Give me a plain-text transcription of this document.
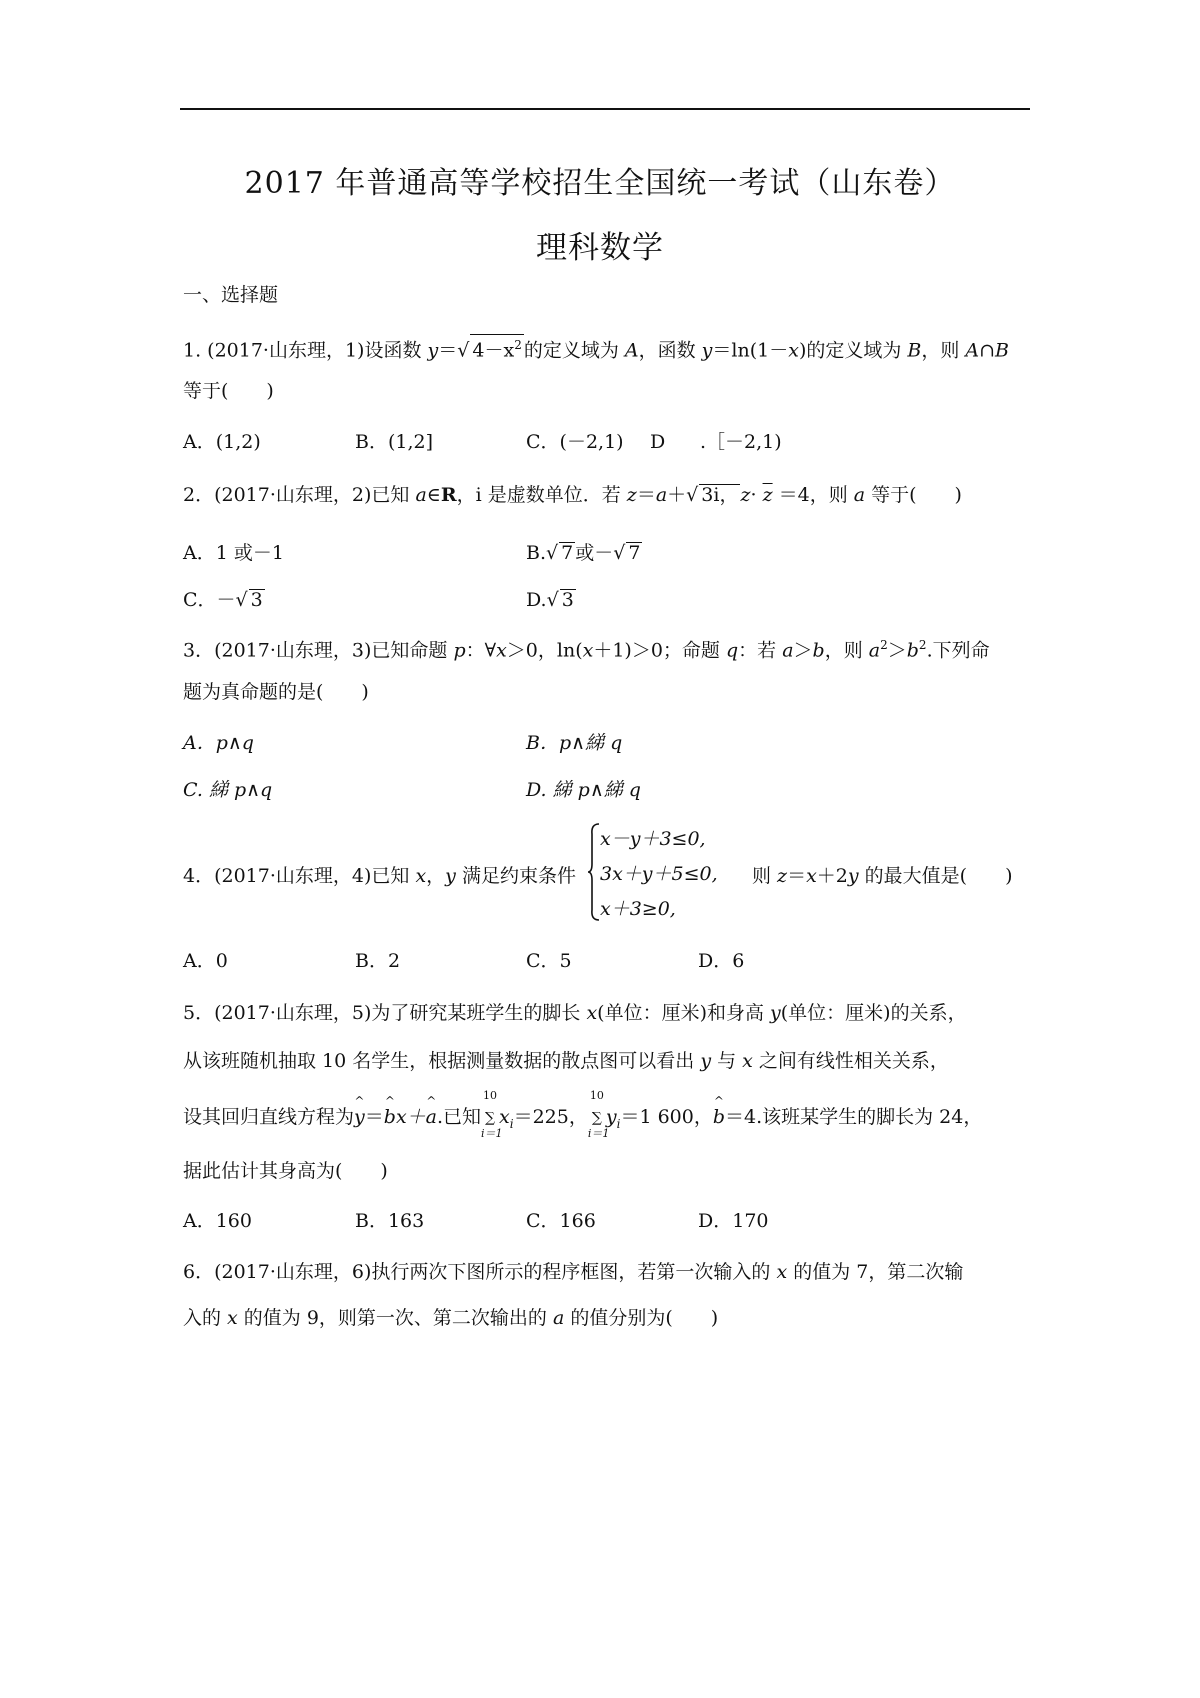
2017 年普通高等学校招生全国统一考试（山东卷）
理科数学
一、选择题
1. (2017·山东理，1)设函数 y＝√ $4-x^2$ 的定义域为 A，函数 y＝ln(1－x)的定义域为 B，则 A∩B
等于(　　)
A．(1,2)	B．(1,2]	C．(－2,1) D .［－2,1)
2．(2017·山东理，2)已知 a∈R，i 是虚数单位．若 z＝a＋√ 3i， $z\cdot \overline{z} =4$，则 a 等于(　　)
A．1 或－1	B.√ 7 或－√ 7
C．－√ 3	D.√ 3
3．(2017·山东理，3)已知命题 p：∀x＞0，ln(x＋1)＞0；命题 q：若 a＞b，则 $a^2>b^2$.下列命
题为真命题的是(　　)
A．p∧q	B．p∧綈 q
C. 綈 p∧q	D. 綈 p∧綈 q
4．(2017·山东理，4)已知 x，y 满足约束条件
x－y＋3≤0,
3x＋y＋5≤0,
x＋3≥0,
则 z＝x＋2y 的最大值是(　　)
A．0	B．2	C．5	D．6
5．(2017·山东理，5)为了研究某班学生的脚长 x(单位：厘米)和身高 y(单位：厘米)的关系，
从该班随机抽取 10 名学生，根据测量数据的散点图可以看出 y 与 x 之间有线性相关关系，
设其回归直线方程为^ y＝^ bx＋^ a.已知
10
∑
i＝1
$x_i=225$，
10
∑
i＝1
$y_i=1$ 600，^ b＝4.该班某学生的脚长为 24，
据此估计其身高为(　　)
A．160	B．163	C．166	D．170
6．(2017·山东理，6)执行两次下图所示的程序框图，若第一次输入的 x 的值为 7，第二次输
入的 x 的值为 9，则第一次、第二次输出的 a 的值分别为(　　)
